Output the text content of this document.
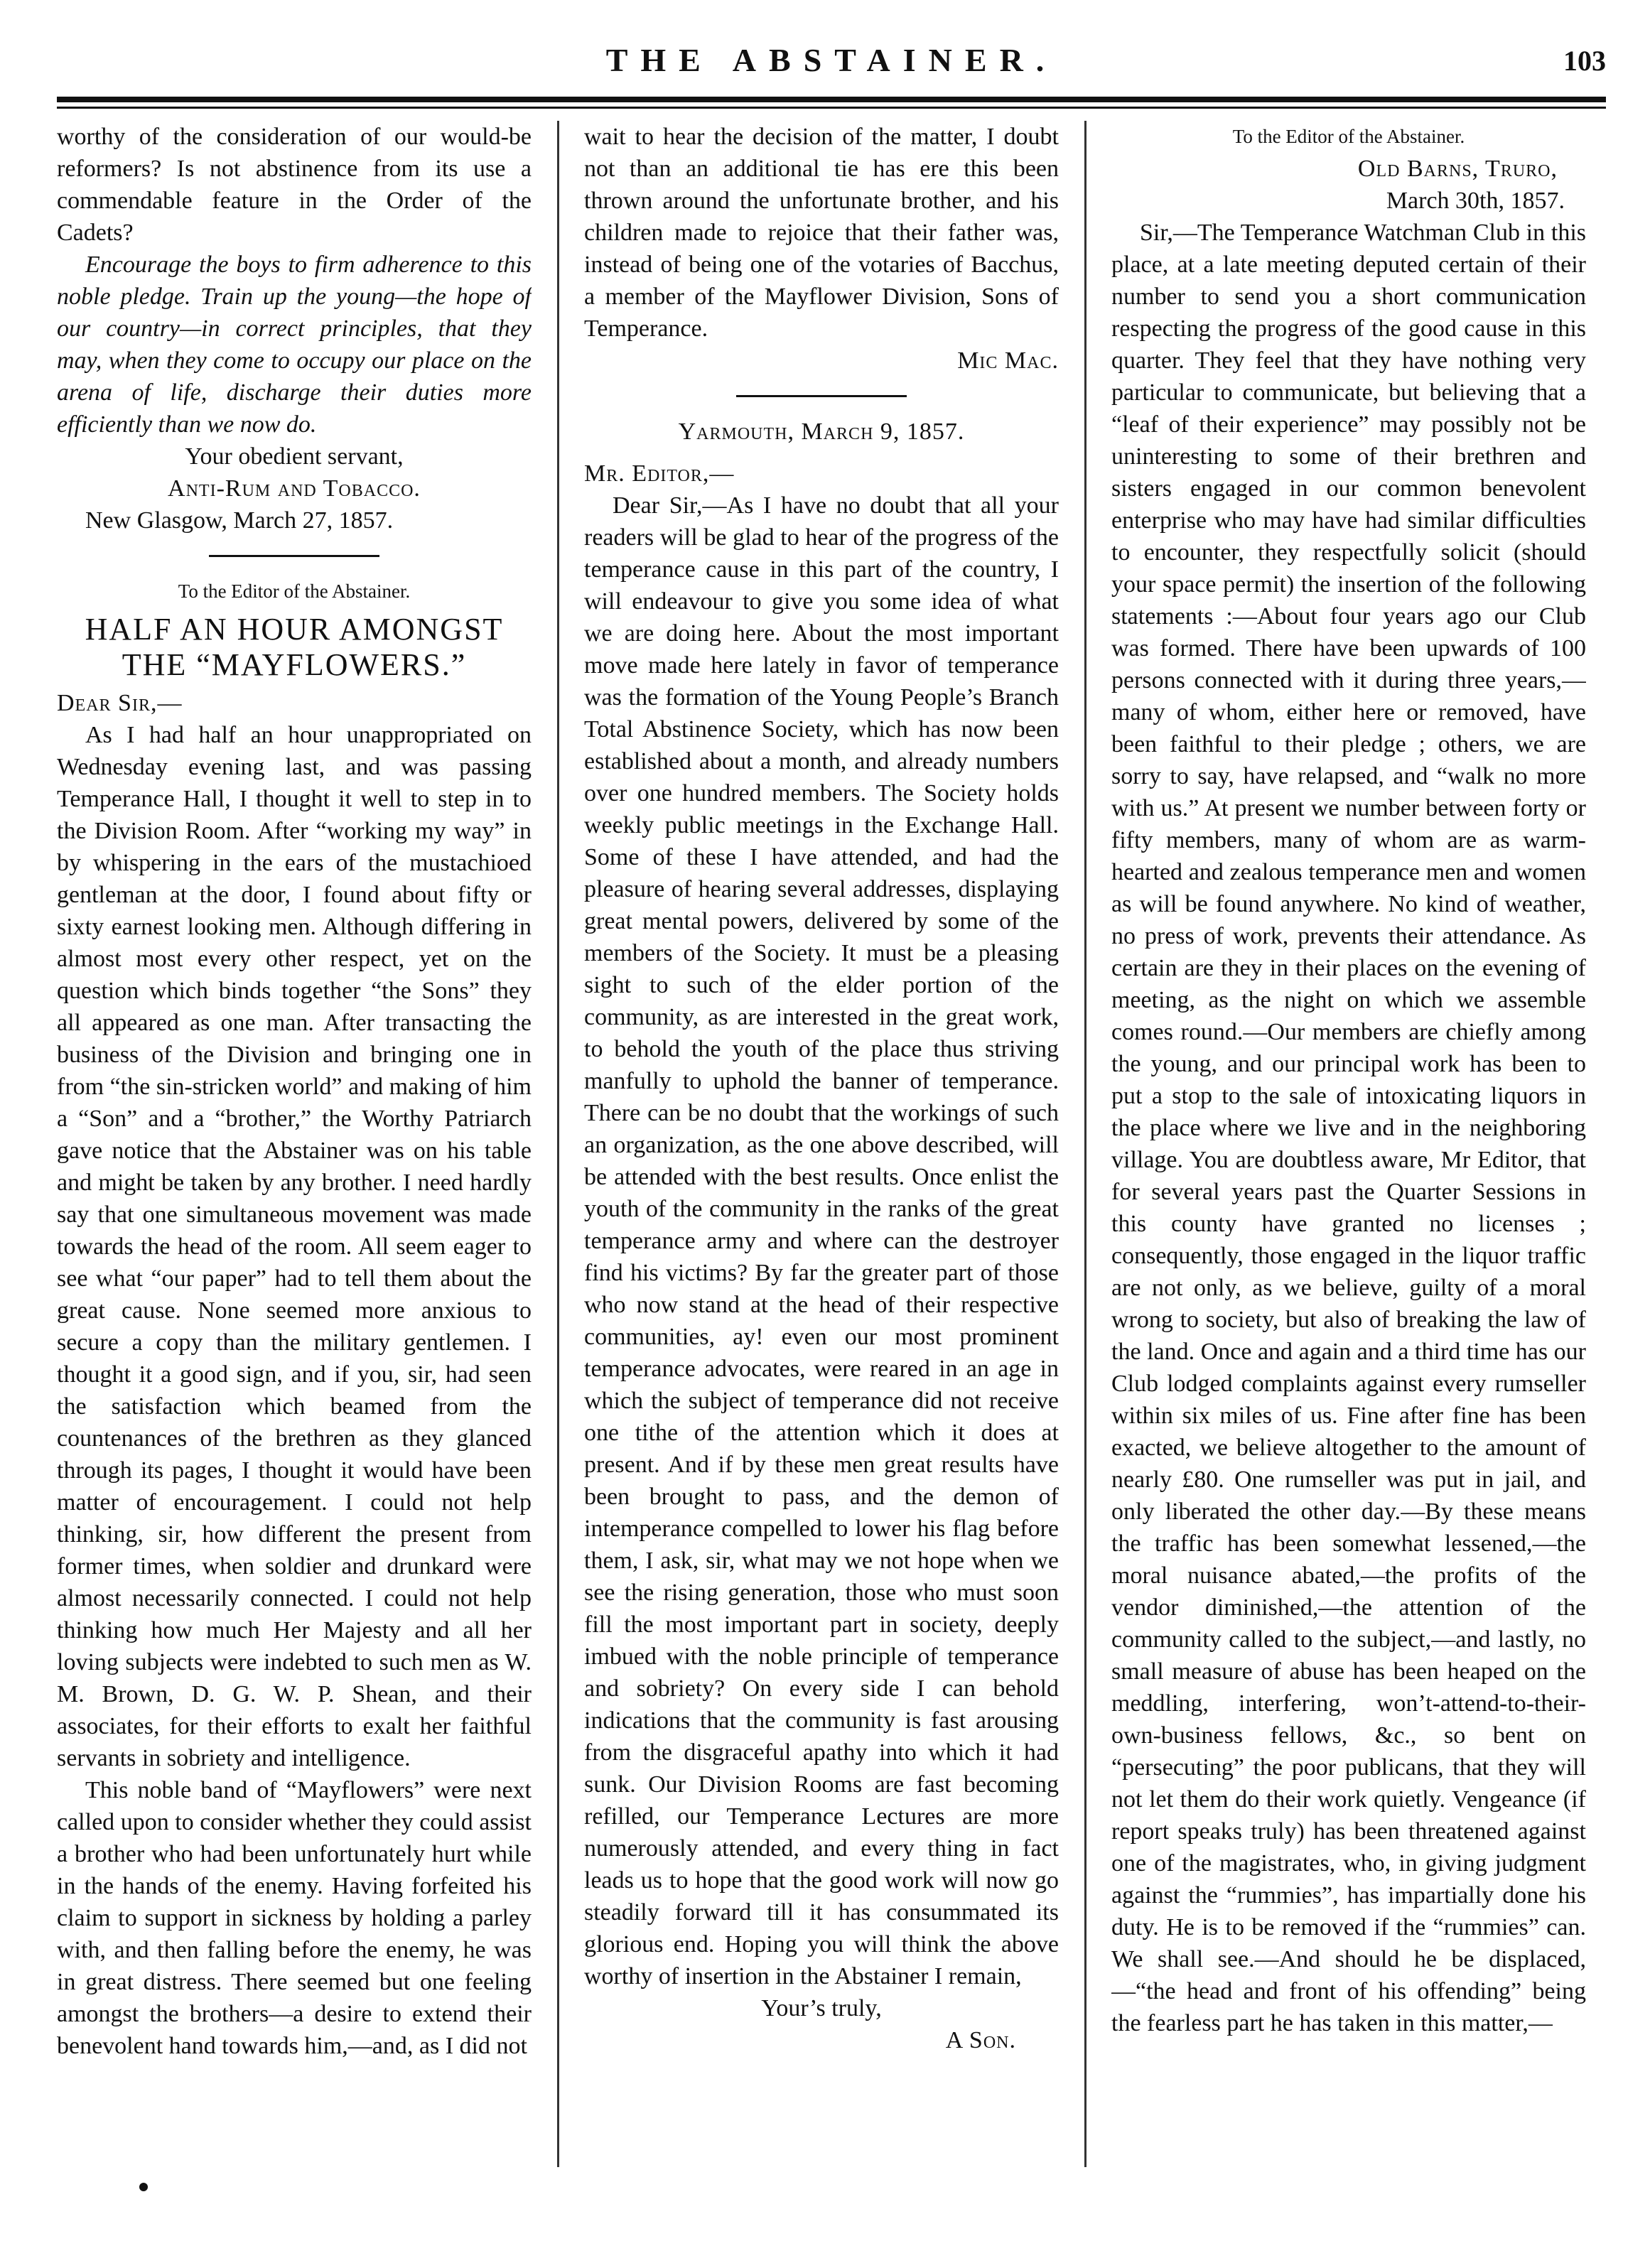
THE ABSTAINER.	103

worthy of the consideration of our would-be reformers? Is not abstinence from its use a commendable feature in the Order of the Cadets?

Encourage the boys to firm adherence to this noble pledge. Train up the young—the hope of our country—in correct principles, that they may, when they come to occupy our place on the arena of life, discharge their duties more efficiently than we now do.

Your obedient servant,

Anti-Rum and Tobacco.

New Glasgow, March 27, 1857.

To the Editor of the Abstainer.

HALF AN HOUR AMONGST THE “MAYFLOWERS.”

Dear Sir,—

As I had half an hour unappropriated on Wednesday evening last, and was passing Temperance Hall, I thought it well to step in to the Division Room. After “working my way” in by whispering in the ears of the mustachioed gentleman at the door, I found about fifty or sixty earnest looking men. Although differing in almost most every other respect, yet on the question which binds together “the Sons” they all appeared as one man. After transacting the business of the Division and bringing one in from “the sin-stricken world” and making of him a “Son” and a “brother,” the Worthy Patriarch gave notice that the Abstainer was on his table and might be taken by any brother. I need hardly say that one simultaneous movement was made towards the head of the room. All seem eager to see what “our paper” had to tell them about the great cause. None seemed more anxious to secure a copy than the military gentlemen. I thought it a good sign, and if you, sir, had seen the satisfaction which beamed from the countenances of the brethren as they glanced through its pages, I thought it would have been matter of encouragement. I could not help thinking, sir, how different the present from former times, when soldier and drunkard were almost necessarily connected. I could not help thinking how much Her Majesty and all her loving subjects were indebted to such men as W. M. Brown, D. G. W. P. Shean, and their associates, for their efforts to exalt her faithful servants in sobriety and intelligence.

This noble band of “Mayflowers” were next called upon to consider whether they could assist a brother who had been unfortunately hurt while in the hands of the enemy. Having forfeited his claim to support in sickness by holding a parley with, and then falling before the enemy, he was in great distress. There seemed but one feeling amongst the brothers—a desire to extend their benevolent hand towards him,—and, as I did not

wait to hear the decision of the matter, I doubt not than an additional tie has ere this been thrown around the unfortunate brother, and his children made to rejoice that their father was, instead of being one of the votaries of Bacchus, a member of the Mayflower Division, Sons of Temperance.

Mic Mac.

Yarmouth, March 9, 1857.

Mr. Editor,—

Dear Sir,—As I have no doubt that all your readers will be glad to hear of the progress of the temperance cause in this part of the country, I will endeavour to give you some idea of what we are doing here. About the most important move made here lately in favor of temperance was the formation of the Young People’s Branch Total Abstinence Society, which has now been established about a month, and already numbers over one hundred members. The Society holds weekly public meetings in the Exchange Hall. Some of these I have attended, and had the pleasure of hearing several addresses, displaying great mental powers, delivered by some of the members of the Society. It must be a pleasing sight to such of the elder portion of the community, as are interested in the great work, to behold the youth of the place thus striving manfully to uphold the banner of temperance. There can be no doubt that the workings of such an organization, as the one above described, will be attended with the best results. Once enlist the youth of the community in the ranks of the great temperance army and where can the destroyer find his victims? By far the greater part of those who now stand at the head of their respective communities, ay! even our most prominent temperance advocates, were reared in an age in which the subject of temperance did not receive one tithe of the attention which it does at present. And if by these men great results have been brought to pass, and the demon of intemperance compelled to lower his flag before them, I ask, sir, what may we not hope when we see the rising generation, those who must soon fill the most important part in society, deeply imbued with the noble principle of temperance and sobriety? On every side I can behold indications that the community is fast arousing from the disgraceful apathy into which it had sunk. Our Division Rooms are fast becoming refilled, our Temperance Lectures are more numerously attended, and every thing in fact leads us to hope that the good work will now go steadily forward till it has consummated its glorious end. Hoping you will think the above worthy of insertion in the Abstainer I remain,

Your’s truly,

A Son.

To the Editor of the Abstainer.

Old Barns, Truro,

March 30th, 1857.

Sir,—The Temperance Watchman Club in this place, at a late meeting deputed certain of their number to send you a short communication respecting the progress of the good cause in this quarter. They feel that they have nothing very particular to communicate, but believing that a “leaf of their experience” may possibly not be uninteresting to some of their brethren and sisters engaged in our common benevolent enterprise who may have had similar difficulties to encounter, they respectfully solicit (should your space permit) the insertion of the following statements :—About four years ago our Club was formed. There have been upwards of 100 persons connected with it during three years,—many of whom, either here or removed, have been faithful to their pledge ; others, we are sorry to say, have relapsed, and “walk no more with us.” At present we number between forty or fifty members, many of whom are as warm-hearted and zealous temperance men and women as will be found anywhere. No kind of weather, no press of work, prevents their attendance. As certain are they in their places on the evening of meeting, as the night on which we assemble comes round.—Our members are chiefly among the young, and our principal work has been to put a stop to the sale of intoxicating liquors in the place where we live and in the neighboring village. You are doubtless aware, Mr Editor, that for several years past the Quarter Sessions in this county have granted no licenses ; consequently, those engaged in the liquor traffic are not only, as we believe, guilty of a moral wrong to society, but also of breaking the law of the land. Once and again and a third time has our Club lodged complaints against every rumseller within six miles of us. Fine after fine has been exacted, we believe altogether to the amount of nearly £80. One rumseller was put in jail, and only liberated the other day.—By these means the traffic has been somewhat lessened,—the moral nuisance abated,—the profits of the vendor diminished,—the attention of the community called to the subject,—and lastly, no small measure of abuse has been heaped on the meddling, interfering, won’t-attend-to-their-own-business fellows, &c., so bent on “persecuting” the poor publicans, that they will not let them do their work quietly. Vengeance (if report speaks truly) has been threatened against one of the magistrates, who, in giving judgment against the “rummies”, has impartially done his duty. He is to be removed if the “rummies” can. We shall see.—And should he be displaced,—“the head and front of his offending” being the fearless part he has taken in this matter,—
